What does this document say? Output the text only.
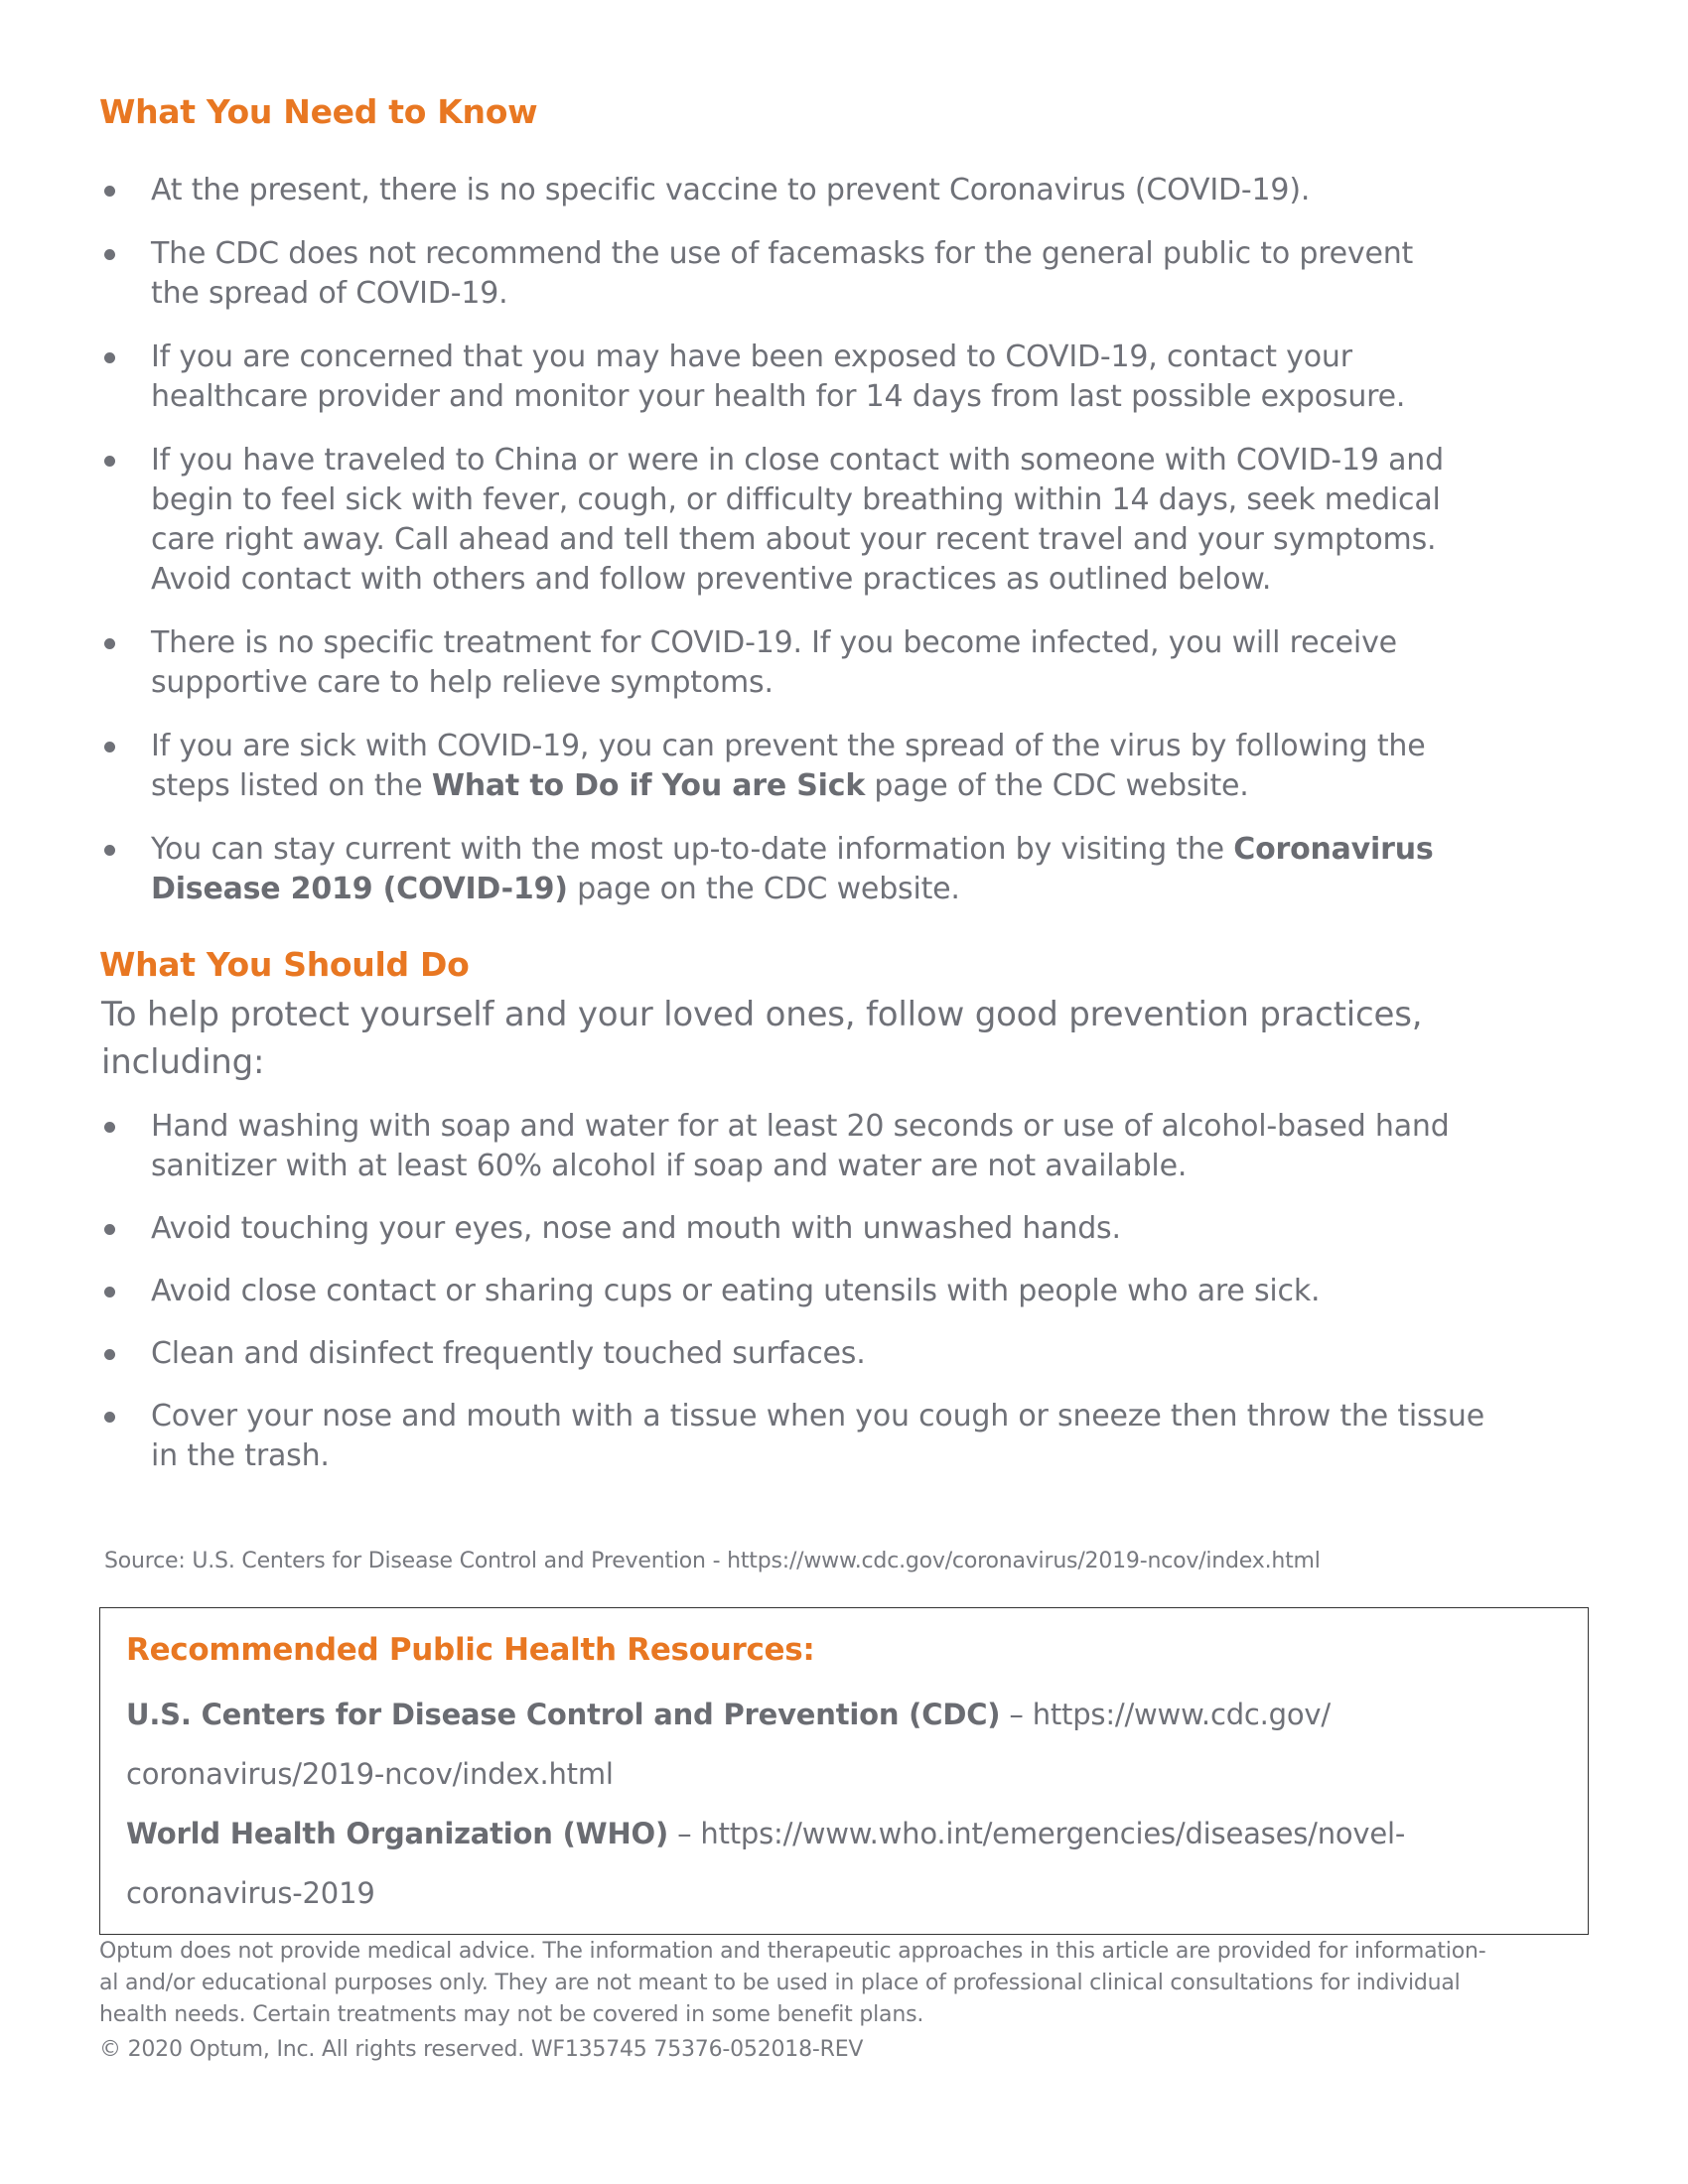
What You Need to Know
At the present, there is no specific vaccine to prevent Coronavirus (COVID-19).
The CDC does not recommend the use of facemasks for the general public to prevent
the spread of COVID-19.
If you are concerned that you may have been exposed to COVID-19, contact your
healthcare provider and monitor your health for 14 days from last possible exposure.
If you have traveled to China or were in close contact with someone with COVID-19 and
begin to feel sick with fever, cough, or difficulty breathing within 14 days, seek medical
care right away. Call ahead and tell them about your recent travel and your symptoms.
Avoid contact with others and follow preventive practices as outlined below.
There is no specific treatment for COVID-19. If you become infected, you will receive
supportive care to help relieve symptoms.
If you are sick with COVID-19, you can prevent the spread of the virus by following the
steps listed on the What to Do if You are Sick page of the CDC website.
You can stay current with the most up-to-date information by visiting the Coronavirus
Disease 2019 (COVID-19) page on the CDC website.
What You Should Do
To help protect yourself and your loved ones, follow good prevention practices,
including:
Hand washing with soap and water for at least 20 seconds or use of alcohol-based hand
sanitizer with at least 60% alcohol if soap and water are not available.
Avoid touching your eyes, nose and mouth with unwashed hands.
Avoid close contact or sharing cups or eating utensils with people who are sick.
Clean and disinfect frequently touched surfaces.
Cover your nose and mouth with a tissue when you cough or sneeze then throw the tissue
in the trash.
Source: U.S. Centers for Disease Control and Prevention - https://www.cdc.gov/coronavirus/2019-ncov/index.html
Recommended Public Health Resources:
U.S. Centers for Disease Control and Prevention (CDC) – https://www.cdc.gov/
coronavirus/2019-ncov/index.html
World Health Organization (WHO) – https://www.who.int/emergencies/diseases/novel-
coronavirus-2019
Optum does not provide medical advice. The information and therapeutic approaches in this article are provided for information-
al and/or educational purposes only. They are not meant to be used in place of professional clinical consultations for individual
health needs. Certain treatments may not be covered in some benefit plans.
© 2020 Optum, Inc. All rights reserved. WF135745 75376-052018-REV
